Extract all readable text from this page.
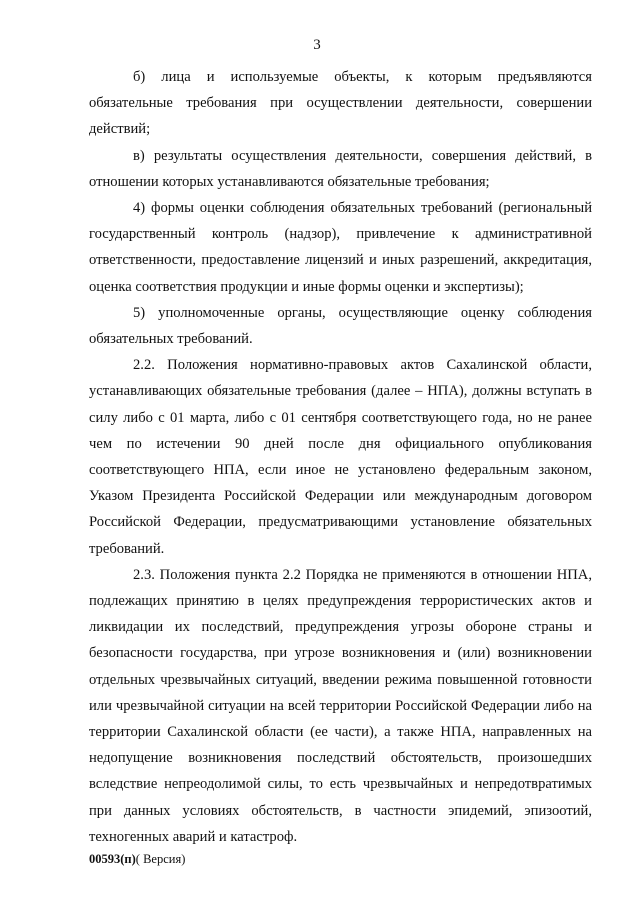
3

б) лица и используемые объекты, к которым предъявляются обязательные требования при осуществлении деятельности, совершении действий;

в) результаты осуществления деятельности, совершения действий, в отношении которых устанавливаются обязательные требования;

4) формы оценки соблюдения обязательных требований (региональный государственный контроль (надзор), привлечение к административной ответственности, предоставление лицензий и иных разрешений, аккредитация, оценка соответствия продукции и иные формы оценки и экспертизы);

5) уполномоченные органы, осуществляющие оценку соблюдения обязательных требований.

2.2. Положения нормативно-правовых актов Сахалинской области, устанавливающих обязательные требования (далее – НПА), должны вступать в силу либо с 01 марта, либо с 01 сентября соответствующего года, но не ранее чем по истечении 90 дней после дня официального опубликования соответствующего НПА, если иное не установлено федеральным законом, Указом Президента Российской Федерации или международным договором Российской Федерации, предусматривающими установление обязательных требований.

2.3. Положения пункта 2.2 Порядка не применяются в отношении НПА, подлежащих принятию в целях предупреждения террористических актов и ликвидации их последствий, предупреждения угрозы обороне страны и безопасности государства, при угрозе возникновения и (или) возникновении отдельных чрезвычайных ситуаций, введении режима повышенной готовности или чрезвычайной ситуации на всей территории Российской Федерации либо на территории Сахалинской области (ее части), а также НПА, направленных на недопущение возникновения последствий обстоятельств, произошедших вследствие непреодолимой силы, то есть чрезвычайных и непредотвратимых при данных условиях обстоятельств, в частности эпидемий, эпизоотий, техногенных аварий и катастроф.

00593(п)( Версия)
